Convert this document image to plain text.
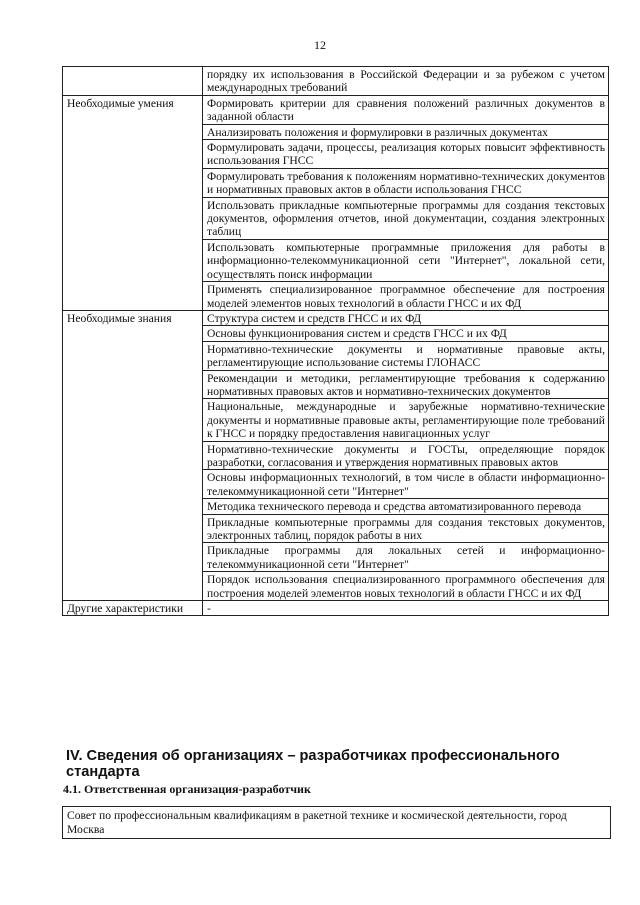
12
	порядку их использования в Российской Федерации и за рубежом с учетом международных требований
Необходимые умения	Формировать критерии для сравнения положений различных документов в заданной области
	Анализировать положения и формулировки в различных документах
	Формулировать задачи, процессы, реализация которых повысит эффективность использования ГНСС
	Формулировать требования к положениям нормативно-технических документов и нормативных правовых актов в области использования ГНСС
	Использовать прикладные компьютерные программы для создания текстовых документов, оформления отчетов, иной документации, создания электронных таблиц
	Использовать компьютерные программные приложения для работы в информационно-телекоммуникационной сети "Интернет", локальной сети, осуществлять поиск информации
	Применять специализированное программное обеспечение для построения моделей элементов новых технологий в области ГНСС и их ФД
Необходимые знания	Структура систем и средств ГНСС и их ФД
	Основы функционирования систем и средств ГНСС и их ФД
	Нормативно-технические документы и нормативные правовые акты, регламентирующие использование системы ГЛОНАСС
	Рекомендации и методики, регламентирующие требования к содержанию нормативных правовых актов и нормативно-технических документов
	Национальные, международные и зарубежные нормативно-технические документы и нормативные правовые акты, регламентирующие поле требований к ГНСС и порядку предоставления навигационных услуг
	Нормативно-технические документы и ГОСТы, определяющие порядок разработки, согласования и утверждения нормативных правовых актов
	Основы информационных технологий, в том числе в области информационно-телекоммуникационной сети "Интернет"
	Методика технического перевода и средства автоматизированного перевода
	Прикладные компьютерные программы для создания текстовых документов, электронных таблиц, порядок работы в них
	Прикладные программы для локальных сетей и информационно-телекоммуникационной сети "Интернет"
	Порядок использования специализированного программного обеспечения для построения моделей элементов новых технологий в области ГНСС и их ФД
Другие характеристики	-
IV. Сведения об организациях – разработчиках профессионального стандарта
4.1. Ответственная организация-разработчик
Совет по профессиональным квалификациям в ракетной технике и космической деятельности, город Москва
